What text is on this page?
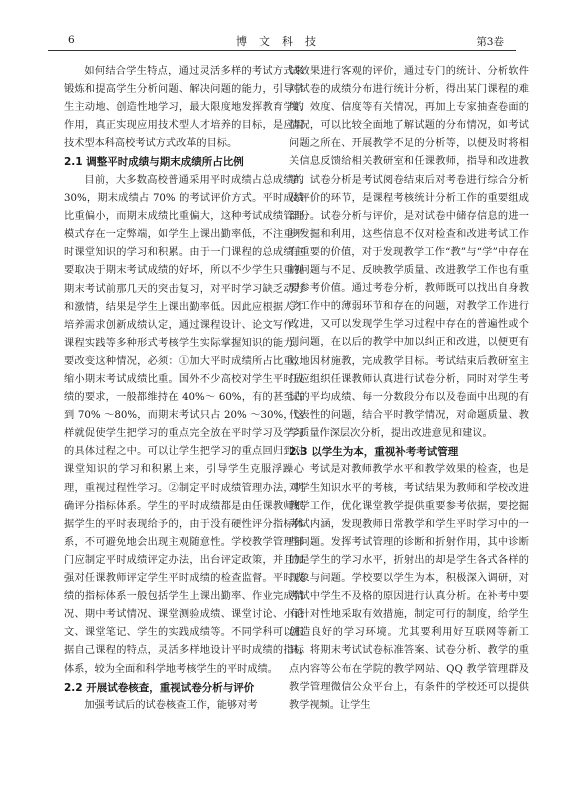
6	博文科技	第3卷

如何结合学生特点，通过灵活多样的考试方式来锻炼和提高学生分析问题、解决问题的能力，引导学生主动地、创造性地学习，最大限度地发挥教育学的作用，真正实现应用技术型人才培养的目标，是应用技术型本科高校考试方式改革的目标。

2.1 调整平时成绩与期末成绩所占比例

目前，大多数高校普通采用平时成绩占总成绩的 30%，期末成绩占 70% 的考试评价方式。平时成绩比重偏小，而期末成绩比重偏大，这种考试成绩管理模式存在一定弊端，如学生上课出勤率低，不注重平时课堂知识的学习和积累。由于一门课程的总成绩主要取决于期末考试成绩的好坏，所以不少学生只重视期末考试前那几天的突击复习，对平时学习缺乏动力和激情，结果是学生上课出勤率低。因此应根据人才培养需求创新成绩认定，通过课程设计、论文写作、课程实践等多种形式考核学生实际掌握知识的能力。要改变这种情况，必须：①加大平时成绩所占比重，缩小期末考试成绩比重。国外不少高校对学生平时成绩的要求，一般都维持在 40%～ 60%，有的甚至占到 70% ～80%，而期末考试只占 20% ～30%，这样就促使学生把学习的重点完全放在平时学习及学习的具体过程之中。可以让学生把学习的重点回归到对课堂知识的学习和积累上来，引导学生克服浮躁心理，重视过程性学习。②制定平时成绩管理办法，明确评分指标体系。学生的平时成绩都是由任课教师根据学生的平时表现给予的，由于没有硬性评分指标体系，不可避免地会出现主观随意性。学校教学管理部门应制定平时成绩评定办法，出台评定政策，并且加强对任课教师评定学生平时成绩的检查监督。平时成绩的指标体系一般包括学生上课出勤率、作业完成情况、期中考试情况、课堂测验成绩、课堂讨论、小论文、课堂笔记、学生的实践成绩等。不同学科可以根据自己课程的特点，灵活多样地设计平时成绩的指标体系，较为全面和科学地考核学生的平时成绩。

2.2 开展试卷核查，重视试卷分析与评价

加强考试后的试卷核查工作，能够对考

试效果进行客观的评价，通过专门的统计、分析软件对试卷的成绩分布进行统计分析，得出某门课程的难度、效度、信度等有关情况，再加上专家抽查卷面的情况，可以比较全面地了解试题的分布情况，如考试问题之所在、开展教学不足的分析等，以便及时将相关信息反馈给相关教研室和任课教师，指导和改进教学。试卷分析是考试阅卷结束后对考卷进行综合分析及评价的环节，是课程考核统计分析工作的重要组成部分。试卷分析与评价，是对试卷中储存信息的进一步发掘和利用，这些信息不仅对检查和改进考试工作有重要的价值，对于发现教学工作“教”与“学”中存在的问题与不足、反映教学质量、改进教学工作也有重要参考价值。通过考卷分析，教师既可以找出自身教学工作中的薄弱环节和存在的问题，对教学工作进行改进，又可以发现学生学习过程中存在的普遍性或个别问题，在以后的教学中加以纠正和改进，以便更有效地因材施教，完成教学目标。考试结束后教研室主任应组织任课教师认真进行试卷分析，同时对学生考试的平均成绩、每一分数段分布以及卷面中出现的有代表性的问题，结合平时教学情况，对命题质量、教学质量作深层次分析，提出改进意见和建议。

2.3 以学生为本，重视补考考试管理

考试是对教师教学水平和教学效果的检查，也是对学生知识水平的考核，考试结果为教师和学校改进教学工作，优化课堂教学提供重要参考依据，要挖掘考试内涵，发现教师日常教学和学生平时学习中的一些问题。发挥考试管理的诊断和折射作用，其中诊断的是学生的学习水平，折射出的却是学生各式各样的现象与问题。学校要以学生为本，积极深入调研，对考试中学生不及格的原因进行认真分析。在补考中要有针对性地采取有效措施，制定可行的制度，给学生创造良好的学习环境。尤其要利用好互联网等新工具，将期末考试试卷标准答案、试卷分析、教学的重点内容等公布在学院的教学网站、QQ 教学管理群及教学管理微信公众平台上，有条件的学校还可以提供教学视频。让学生
